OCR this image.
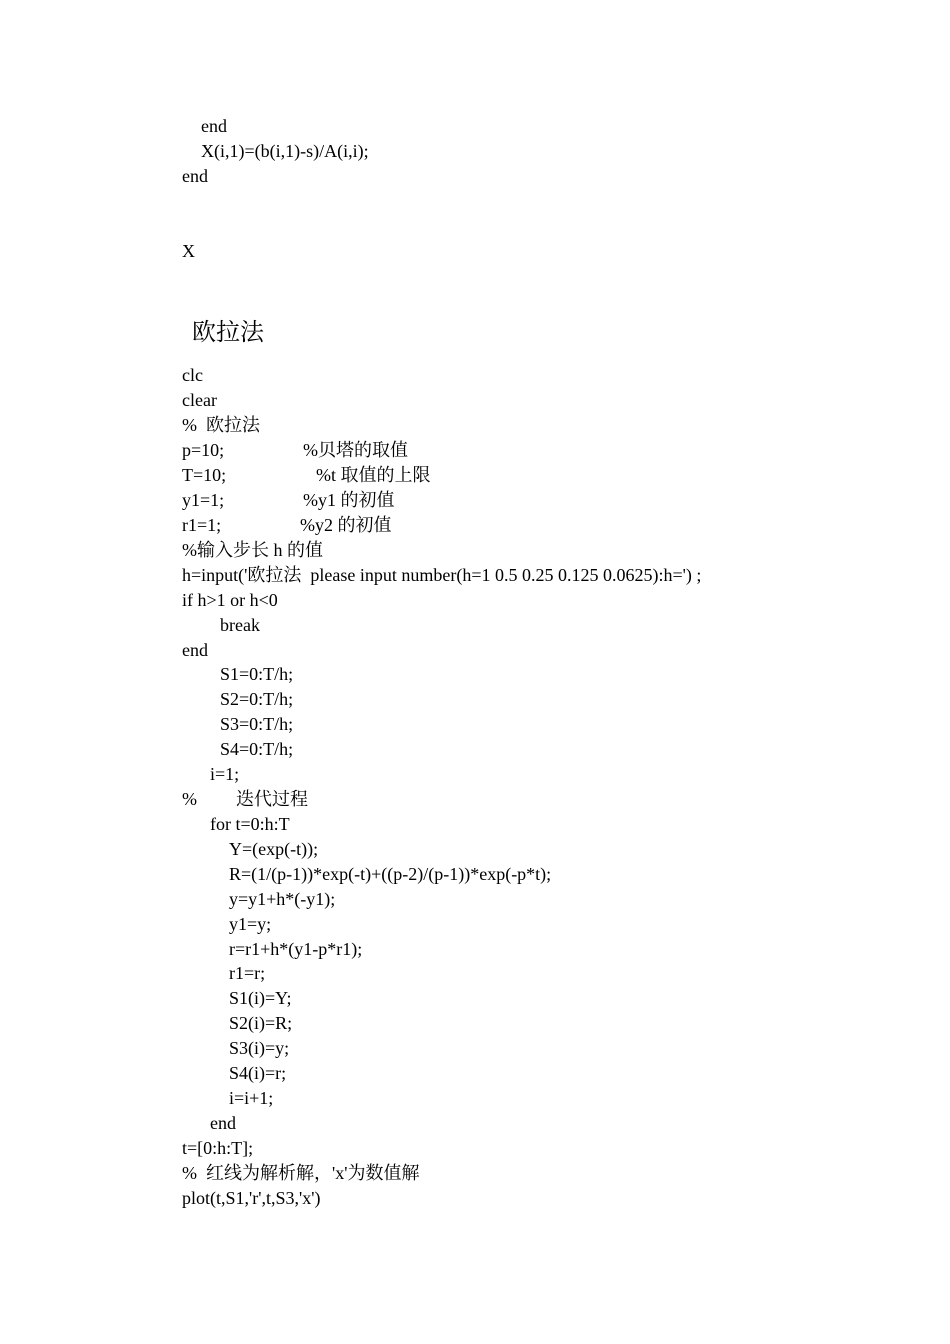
end
X(i,1)=(b(i,1)-s)/A(i,i);
end
X
欧拉法
clc
clear
%  欧拉法
p=10;	%贝塔的取值
T=10;	%t 取值的上限
y1=1;	%y1 的初值
r1=1;	%y2 的初值
%输入步长 h 的值
h=input('欧拉法  please input number(h=1 0.5 0.25 0.125 0.0625):h=') ;
if h>1 or h<0
break
end
S1=0:T/h;
S2=0:T/h;
S3=0:T/h;
S4=0:T/h;
i=1;
% 迭代过程
for t=0:h:T
Y=(exp(-t));
R=(1/(p-1))*exp(-t)+((p-2)/(p-1))*exp(-p*t);
y=y1+h*(-y1);
y1=y;
r=r1+h*(y1-p*r1);
r1=r;
S1(i)=Y;
S2(i)=R;
S3(i)=y;
S4(i)=r;
i=i+1;
end
t=[0:h:T];
%  红线为解析解，'x'为数值解
plot(t,S1,'r',t,S3,'x')
